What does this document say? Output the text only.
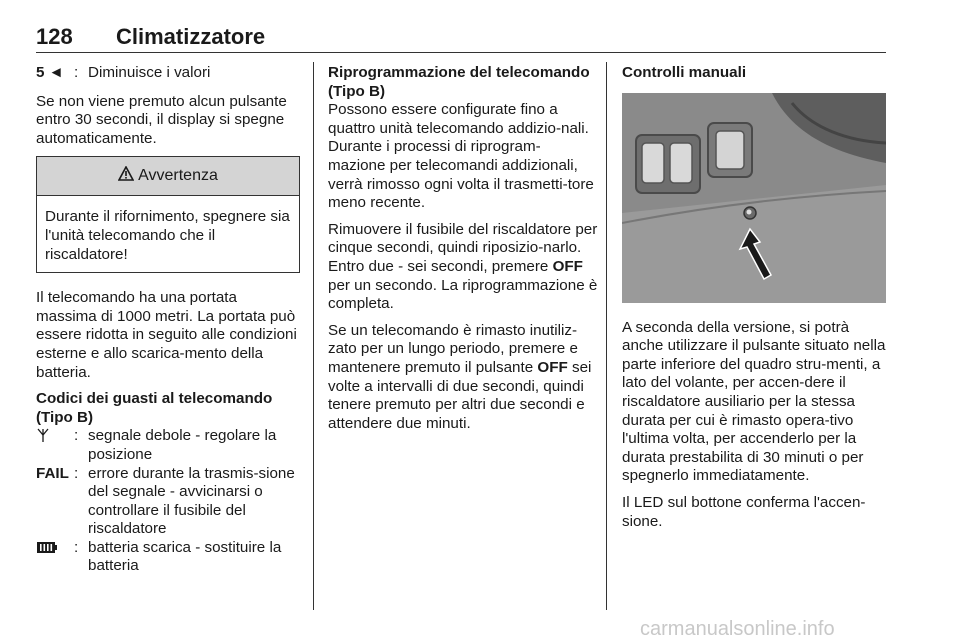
128 Climatizzatore
5 ◄ : Diminuisce i valori

Se non viene premuto alcun pulsante entro 30 secondi, il display si spegne automaticamente.

Avvertenza
Durante il rifornimento, spegnere sia l'unità telecomando che il riscaldatore!

Il telecomando ha una portata massima di 1000 metri. La portata può essere ridotta in seguito alle condizioni esterne e allo scarica-mento della batteria.

Codici dei guasti al telecomando (Tipo B)

: segnale debole - regolare la posizione
FAIL : errore durante la trasmis-sione del segnale - avvicinarsi o controllare il fusibile del riscaldatore
: batteria scarica - sostituire la batteria

Riprogrammazione del telecomando (Tipo B)

Possono essere configurate fino a quattro unità telecomando addizio-nali. Durante i processi di riprogram-mazione per telecomandi addizionali, verrà rimosso ogni volta il trasmetti-tore meno recente.

Rimuovere il fusibile del riscaldatore per cinque secondi, quindi riposizio-narlo. Entro due - sei secondi, premere OFF per un secondo. La riprogrammazione è completa.

Se un telecomando è rimasto inutiliz-zato per un lungo periodo, premere e mantenere premuto il pulsante OFF sei volte a intervalli di due secondi, quindi tenere premuto per altri due secondi e attendere due minuti.

Controlli manuali

A seconda della versione, si potrà anche utilizzare il pulsante situato nella parte inferiore del quadro stru-menti, a lato del volante, per accen-dere il riscaldatore ausiliario per la stessa durata per cui è rimasto opera-tivo l'ultima volta, per accenderlo per la durata prestabilita di 30 minuti o per spegnerlo immediatamente.

Il LED sul bottone conferma l'accen-sione.

carmanualsonline.info
